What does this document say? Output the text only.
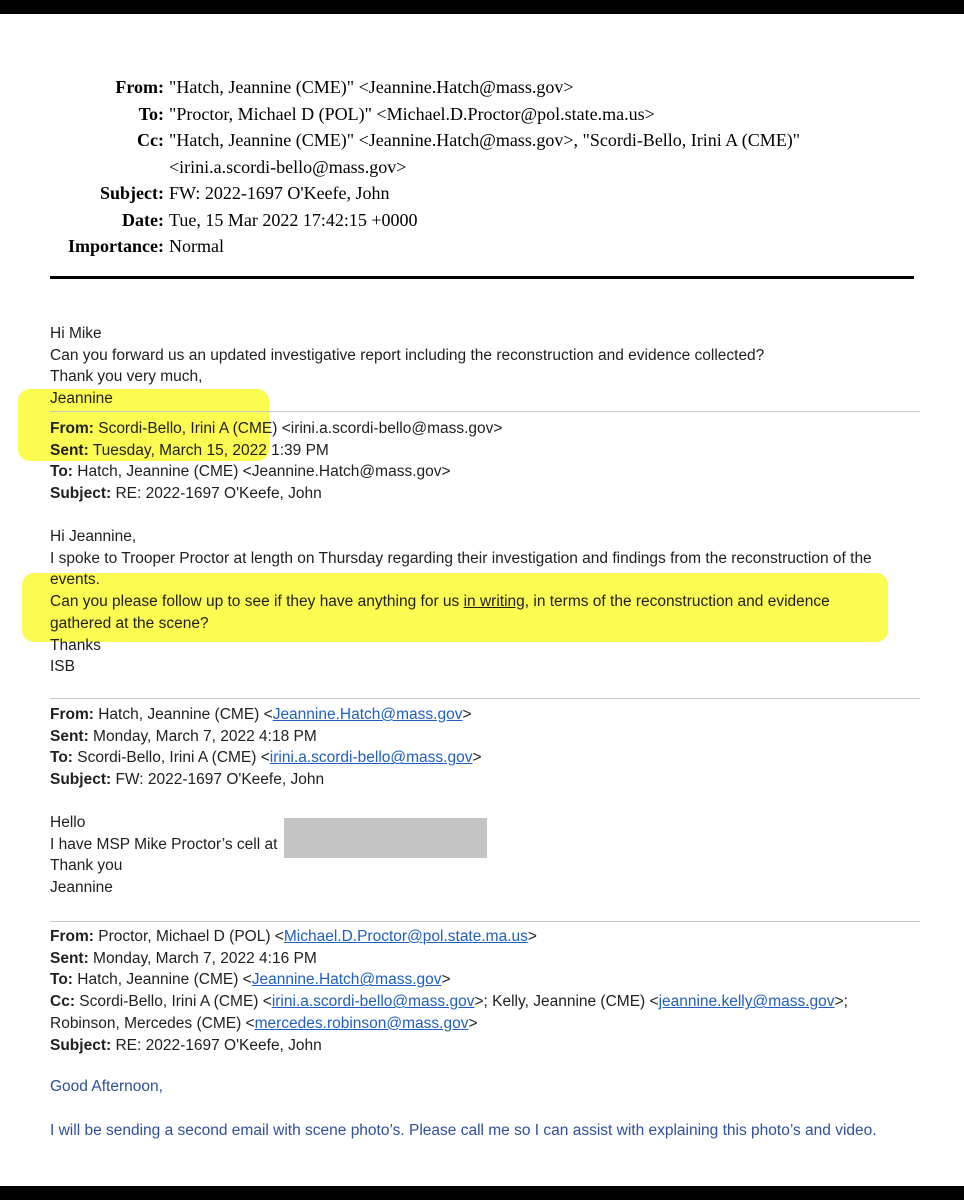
From: "Hatch, Jeannine (CME)" <Jeannine.Hatch@mass.gov>
To: "Proctor, Michael D (POL)" <Michael.D.Proctor@pol.state.ma.us>
Cc: "Hatch, Jeannine (CME)" <Jeannine.Hatch@mass.gov>, "Scordi-Bello, Irini A (CME)"
<irini.a.scordi-bello@mass.gov>
Subject: FW: 2022-1697 O'Keefe, John
Date: Tue, 15 Mar 2022 17:42:15 +0000
Importance: Normal
Hi Mike
Can you forward us an updated investigative report including the reconstruction and evidence collected?
Thank you very much,
Jeannine
From: Scordi-Bello, Irini A (CME) <irini.a.scordi-bello@mass.gov>
Sent: Tuesday, March 15, 2022 1:39 PM
To: Hatch, Jeannine (CME) <Jeannine.Hatch@mass.gov>
Subject: RE: 2022-1697 O'Keefe, John
Hi Jeannine,
I spoke to Trooper Proctor at length on Thursday regarding their investigation and findings from the reconstruction of the
events.
Can you please follow up to see if they have anything for us in writing, in terms of the reconstruction and evidence
gathered at the scene?
Thanks
ISB
From: Hatch, Jeannine (CME) <Jeannine.Hatch@mass.gov>
Sent: Monday, March 7, 2022 4:18 PM
To: Scordi-Bello, Irini A (CME) <irini.a.scordi-bello@mass.gov>
Subject: FW: 2022-1697 O'Keefe, John
Hello
I have MSP Mike Proctor’s cell at
Thank you
Jeannine
From: Proctor, Michael D (POL) <Michael.D.Proctor@pol.state.ma.us>
Sent: Monday, March 7, 2022 4:16 PM
To: Hatch, Jeannine (CME) <Jeannine.Hatch@mass.gov>
Cc: Scordi-Bello, Irini A (CME) <irini.a.scordi-bello@mass.gov>; Kelly, Jeannine (CME) <jeannine.kelly@mass.gov>;
Robinson, Mercedes (CME) <mercedes.robinson@mass.gov>
Subject: RE: 2022-1697 O'Keefe, John
Good Afternoon,
I will be sending a second email with scene photo’s. Please call me so I can assist with explaining this photo’s and video.
